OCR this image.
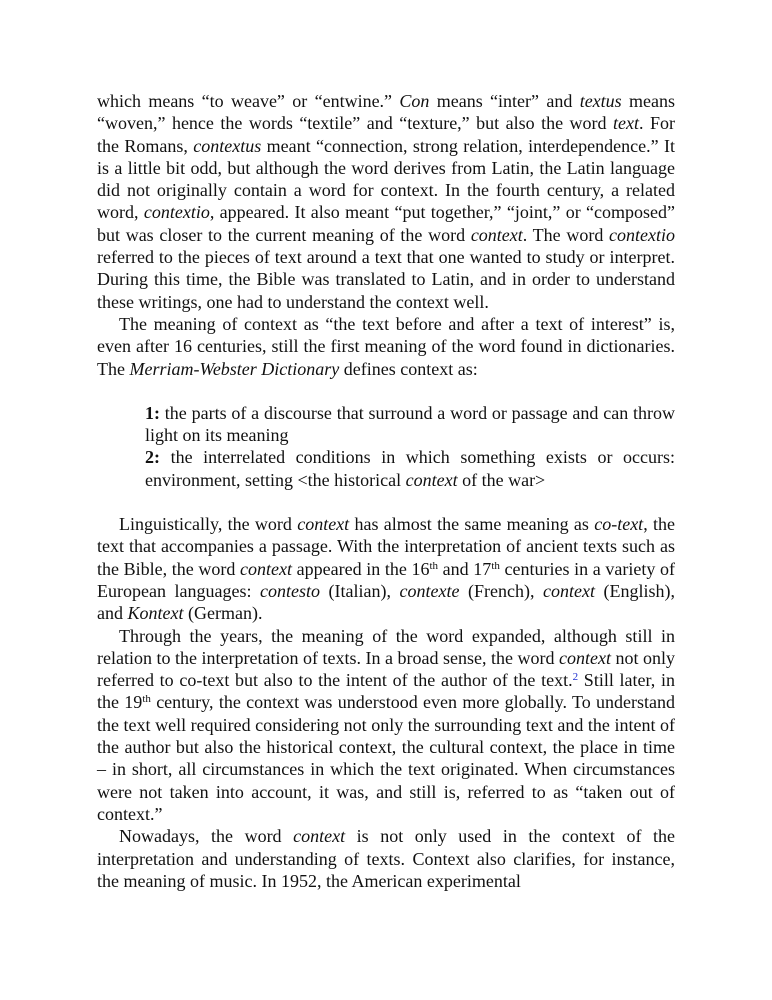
which means “to weave” or “entwine.” Con means “inter” and textus means “woven,” hence the words “textile” and “texture,” but also the word text. For the Romans, contextus meant “connection, strong relation, interdependence.” It is a little bit odd, but although the word derives from Latin, the Latin language did not originally contain a word for context. In the fourth century, a related word, contextio, appeared. It also meant “put together,” “joint,” or “composed” but was closer to the current meaning of the word context. The word contextio referred to the pieces of text around a text that one wanted to study or interpret. During this time, the Bible was translated to Latin, and in order to understand these writings, one had to understand the context well.

The meaning of context as “the text before and after a text of interest” is, even after 16 centuries, still the first meaning of the word found in dictionaries. The Merriam-Webster Dictionary defines context as:

1: the parts of a discourse that surround a word or passage and can throw light on its meaning

2: the interrelated conditions in which something exists or occurs: environment, setting <the historical context of the war>

Linguistically, the word context has almost the same meaning as co-text, the text that accompanies a passage. With the interpretation of ancient texts such as the Bible, the word context appeared in the 16th and 17th centuries in a variety of European languages: contesto (Italian), contexte (French), context (English), and Kontext (German).

Through the years, the meaning of the word expanded, although still in relation to the interpretation of texts. In a broad sense, the word context not only referred to co-text but also to the intent of the author of the text.$^2$ Still later, in the 19th century, the context was understood even more globally. To understand the text well required considering not only the surrounding text and the intent of the author but also the historical context, the cultural context, the place in time – in short, all circumstances in which the text originated. When circumstances were not taken into account, it was, and still is, referred to as “taken out of context.”

Nowadays, the word context is not only used in the context of the interpretation and understanding of texts. Context also clarifies, for instance, the meaning of music. In 1952, the American experimental
